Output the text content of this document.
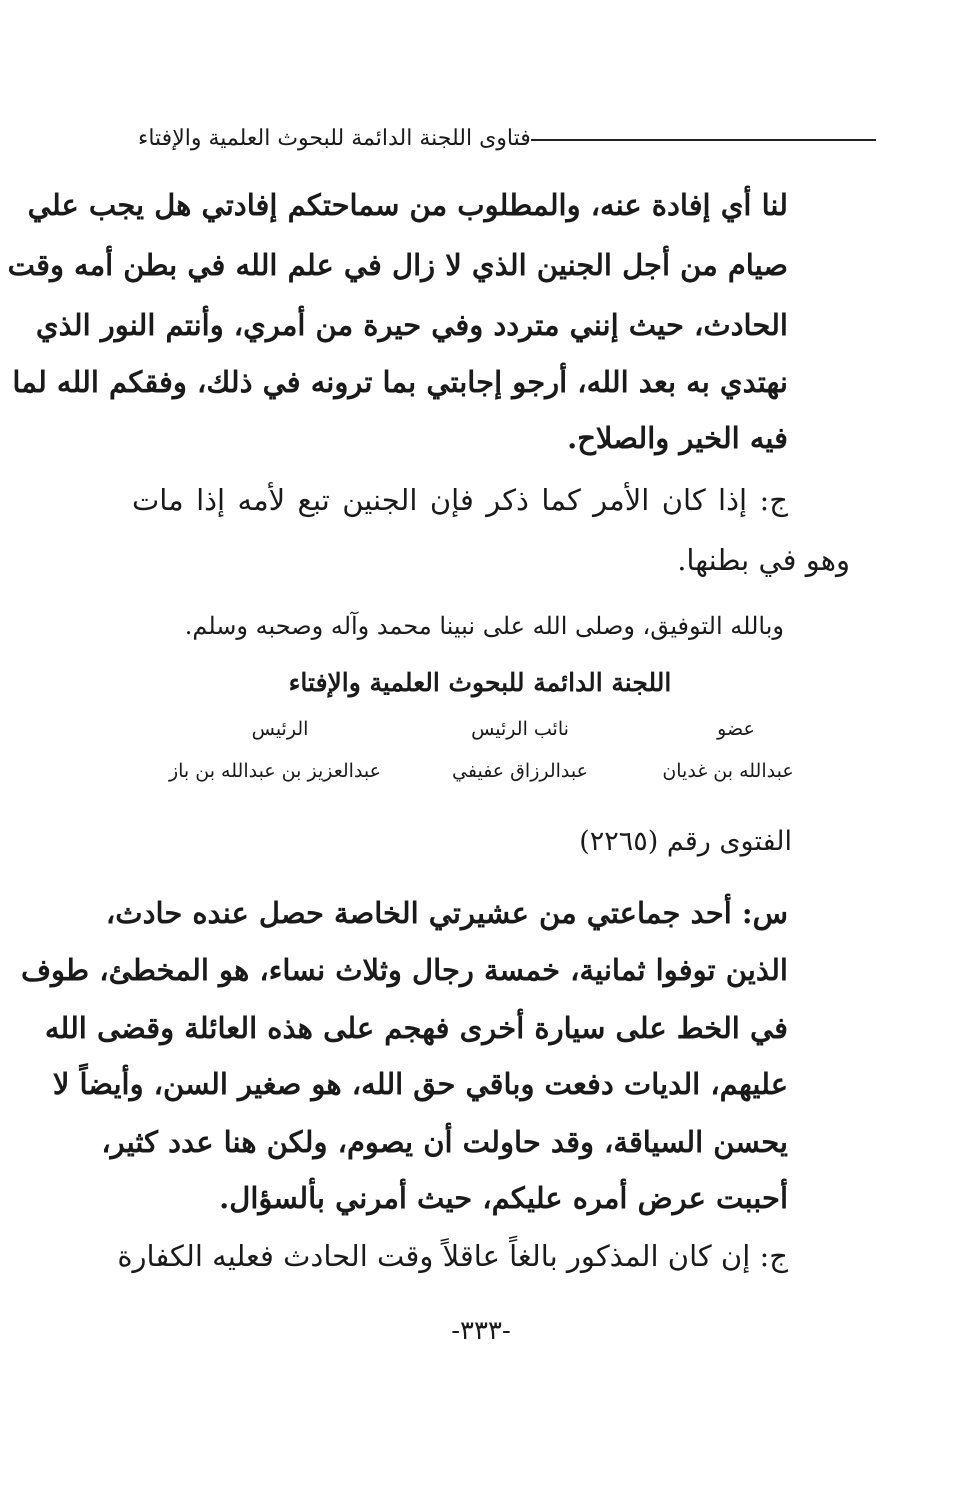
فتاوى اللجنة الدائمة للبحوث العلمية والإفتاء
لنا أي إفادة عنه، والمطلوب من سماحتكم إفادتي هل يجب علي
صيام من أجل الجنين الذي لا زال في علم الله في بطن أمه وقت
الحادث، حيث إنني متردد وفي حيرة من أمري، وأنتم النور الذي
نهتدي به بعد الله، أرجو إجابتي بما ترونه في ذلك، وفقكم الله لما
فيه الخير والصلاح.
ج: إذا كان الأمر كما ذكر فإن الجنين تبع لأمه إذا مات
وهو في بطنها.
وبالله التوفيق، وصلى الله على نبينا محمد وآله وصحبه وسلم.
اللجنة الدائمة للبحوث العلمية والإفتاء
عضو
نائب الرئيس
الرئيس
عبدالله بن غديان
عبدالرزاق عفيفي
عبدالعزيز بن عبدالله بن باز
الفتوى رقم (٢٢٦٥)
س: أحد جماعتي من عشيرتي الخاصة حصل عنده حادث،
الذين توفوا ثمانية، خمسة رجال وثلاث نساء، هو المخطئ، طوف
في الخط على سيارة أخرى فهجم على هذه العائلة وقضى الله
عليهم، الديات دفعت وباقي حق الله، هو صغير السن، وأيضاً لا
يحسن السياقة، وقد حاولت أن يصوم، ولكن هنا عدد كثير،
أحببت عرض أمره عليكم، حيث أمرني بألسؤال.
ج: إن كان المذكور بالغاً عاقلاً وقت الحادث فعليه الكفارة
-٣٣٣-
